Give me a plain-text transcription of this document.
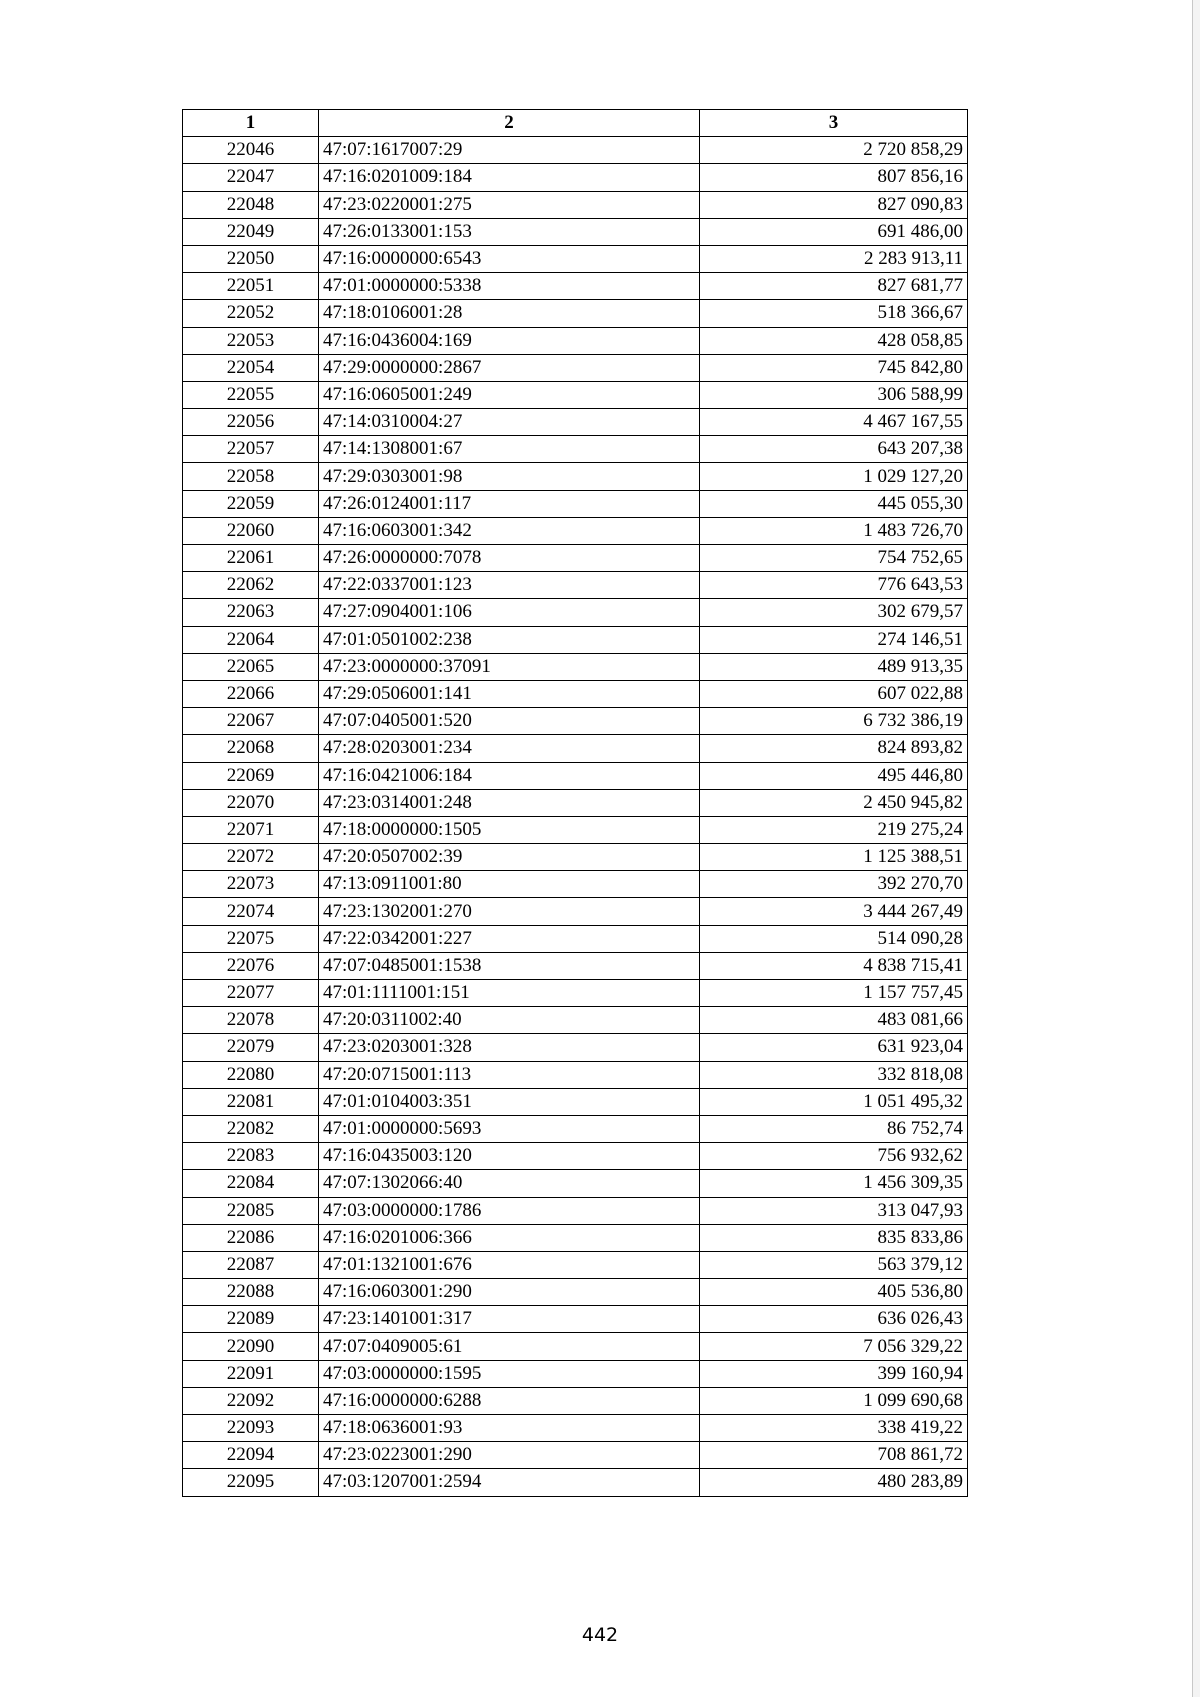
1	2	3
22046	47:07:1617007:29	2 720 858,29
22047	47:16:0201009:184	807 856,16
22048	47:23:0220001:275	827 090,83
22049	47:26:0133001:153	691 486,00
22050	47:16:0000000:6543	2 283 913,11
22051	47:01:0000000:5338	827 681,77
22052	47:18:0106001:28	518 366,67
22053	47:16:0436004:169	428 058,85
22054	47:29:0000000:2867	745 842,80
22055	47:16:0605001:249	306 588,99
22056	47:14:0310004:27	4 467 167,55
22057	47:14:1308001:67	643 207,38
22058	47:29:0303001:98	1 029 127,20
22059	47:26:0124001:117	445 055,30
22060	47:16:0603001:342	1 483 726,70
22061	47:26:0000000:7078	754 752,65
22062	47:22:0337001:123	776 643,53
22063	47:27:0904001:106	302 679,57
22064	47:01:0501002:238	274 146,51
22065	47:23:0000000:37091	489 913,35
22066	47:29:0506001:141	607 022,88
22067	47:07:0405001:520	6 732 386,19
22068	47:28:0203001:234	824 893,82
22069	47:16:0421006:184	495 446,80
22070	47:23:0314001:248	2 450 945,82
22071	47:18:0000000:1505	219 275,24
22072	47:20:0507002:39	1 125 388,51
22073	47:13:0911001:80	392 270,70
22074	47:23:1302001:270	3 444 267,49
22075	47:22:0342001:227	514 090,28
22076	47:07:0485001:1538	4 838 715,41
22077	47:01:1111001:151	1 157 757,45
22078	47:20:0311002:40	483 081,66
22079	47:23:0203001:328	631 923,04
22080	47:20:0715001:113	332 818,08
22081	47:01:0104003:351	1 051 495,32
22082	47:01:0000000:5693	86 752,74
22083	47:16:0435003:120	756 932,62
22084	47:07:1302066:40	1 456 309,35
22085	47:03:0000000:1786	313 047,93
22086	47:16:0201006:366	835 833,86
22087	47:01:1321001:676	563 379,12
22088	47:16:0603001:290	405 536,80
22089	47:23:1401001:317	636 026,43
22090	47:07:0409005:61	7 056 329,22
22091	47:03:0000000:1595	399 160,94
22092	47:16:0000000:6288	1 099 690,68
22093	47:18:0636001:93	338 419,22
22094	47:23:0223001:290	708 861,72
22095	47:03:1207001:2594	480 283,89
442
